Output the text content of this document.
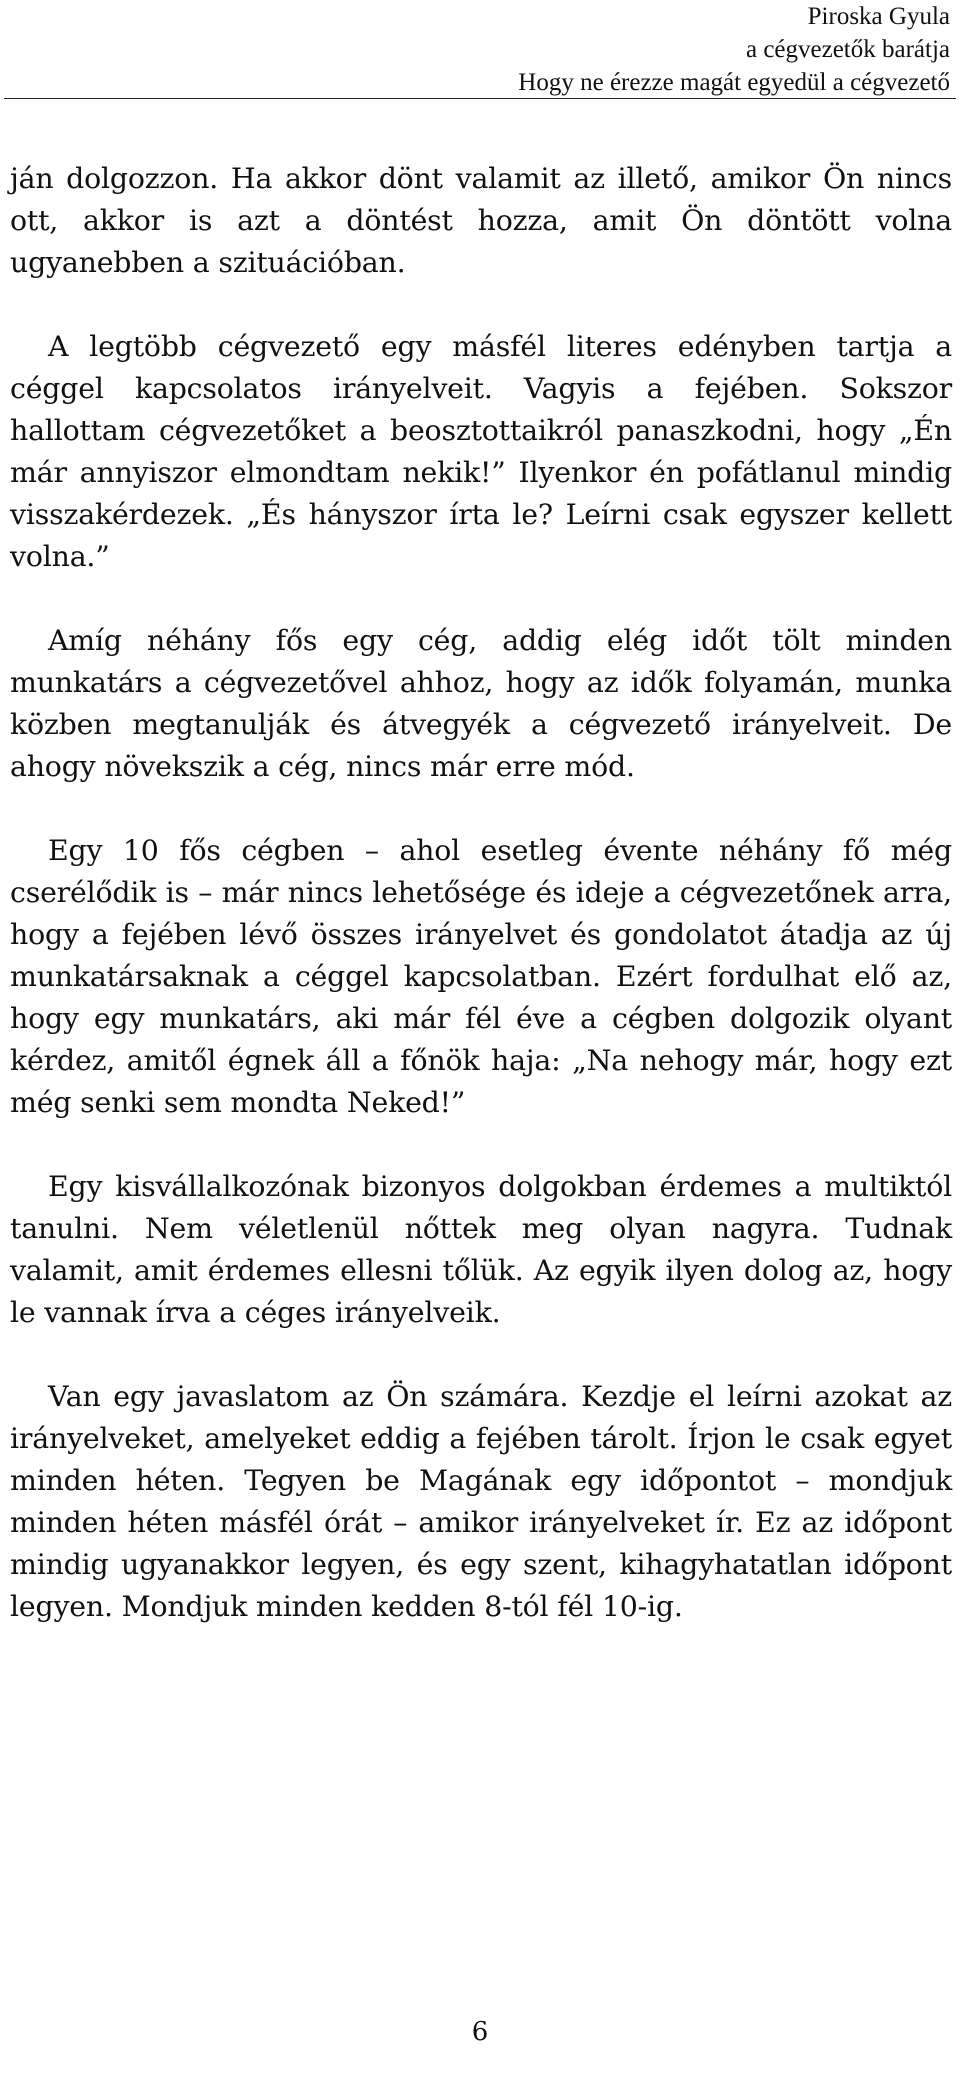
Piroska Gyula
a cégvezetők barátja
Hogy ne érezze magát egyedül a cégvezető

ján dolgozzon. Ha akkor dönt valamit az illető, amikor Ön nincs ott, akkor is azt a döntést hozza, amit Ön döntött volna ugyanebben a szituációban.

A legtöbb cégvezető egy másfél literes edényben tartja a céggel kapcsolatos irányelveit. Vagyis a fejében. Sokszor hallottam cégvezetőket a beosztottaikról panaszkodni, hogy „Én már annyiszor elmondtam nekik!” Ilyenkor én pofátlanul mindig visszakérdezek. „És hányszor írta le? Leírni csak egyszer kellett volna.”

Amíg néhány fős egy cég, addig elég időt tölt minden munkatárs a cégvezetővel ahhoz, hogy az idők folyamán, munka közben megtanulják és átvegyék a cégvezető irányelveit. De ahogy növekszik a cég, nincs már erre mód.

Egy 10 fős cégben – ahol esetleg évente néhány fő még cserélődik is – már nincs lehetősége és ideje a cégvezetőnek arra, hogy a fejében lévő összes irányelvet és gondolatot átadja az új munkatársaknak a céggel kapcsolatban. Ezért fordulhat elő az, hogy egy munkatárs, aki már fél éve a cégben dolgozik olyant kérdez, amitől égnek áll a főnök haja: „Na nehogy már, hogy ezt még senki sem mondta Neked!”

Egy kisvállalkozónak bizonyos dolgokban érdemes a multiktól tanulni. Nem véletlenül nőttek meg olyan nagyra. Tudnak valamit, amit érdemes ellesni tőlük. Az egyik ilyen dolog az, hogy le vannak írva a céges irányelveik.

Van egy javaslatom az Ön számára. Kezdje el leírni azokat az irányelveket, amelyeket eddig a fejében tárolt. Írjon le csak egyet minden héten. Tegyen be Magának egy időpontot – mondjuk minden héten másfél órát – amikor irányelveket ír. Ez az időpont mindig ugyanakkor legyen, és egy szent, kihagyhatatlan időpont legyen. Mondjuk minden kedden 8-tól fél 10-ig.

6
